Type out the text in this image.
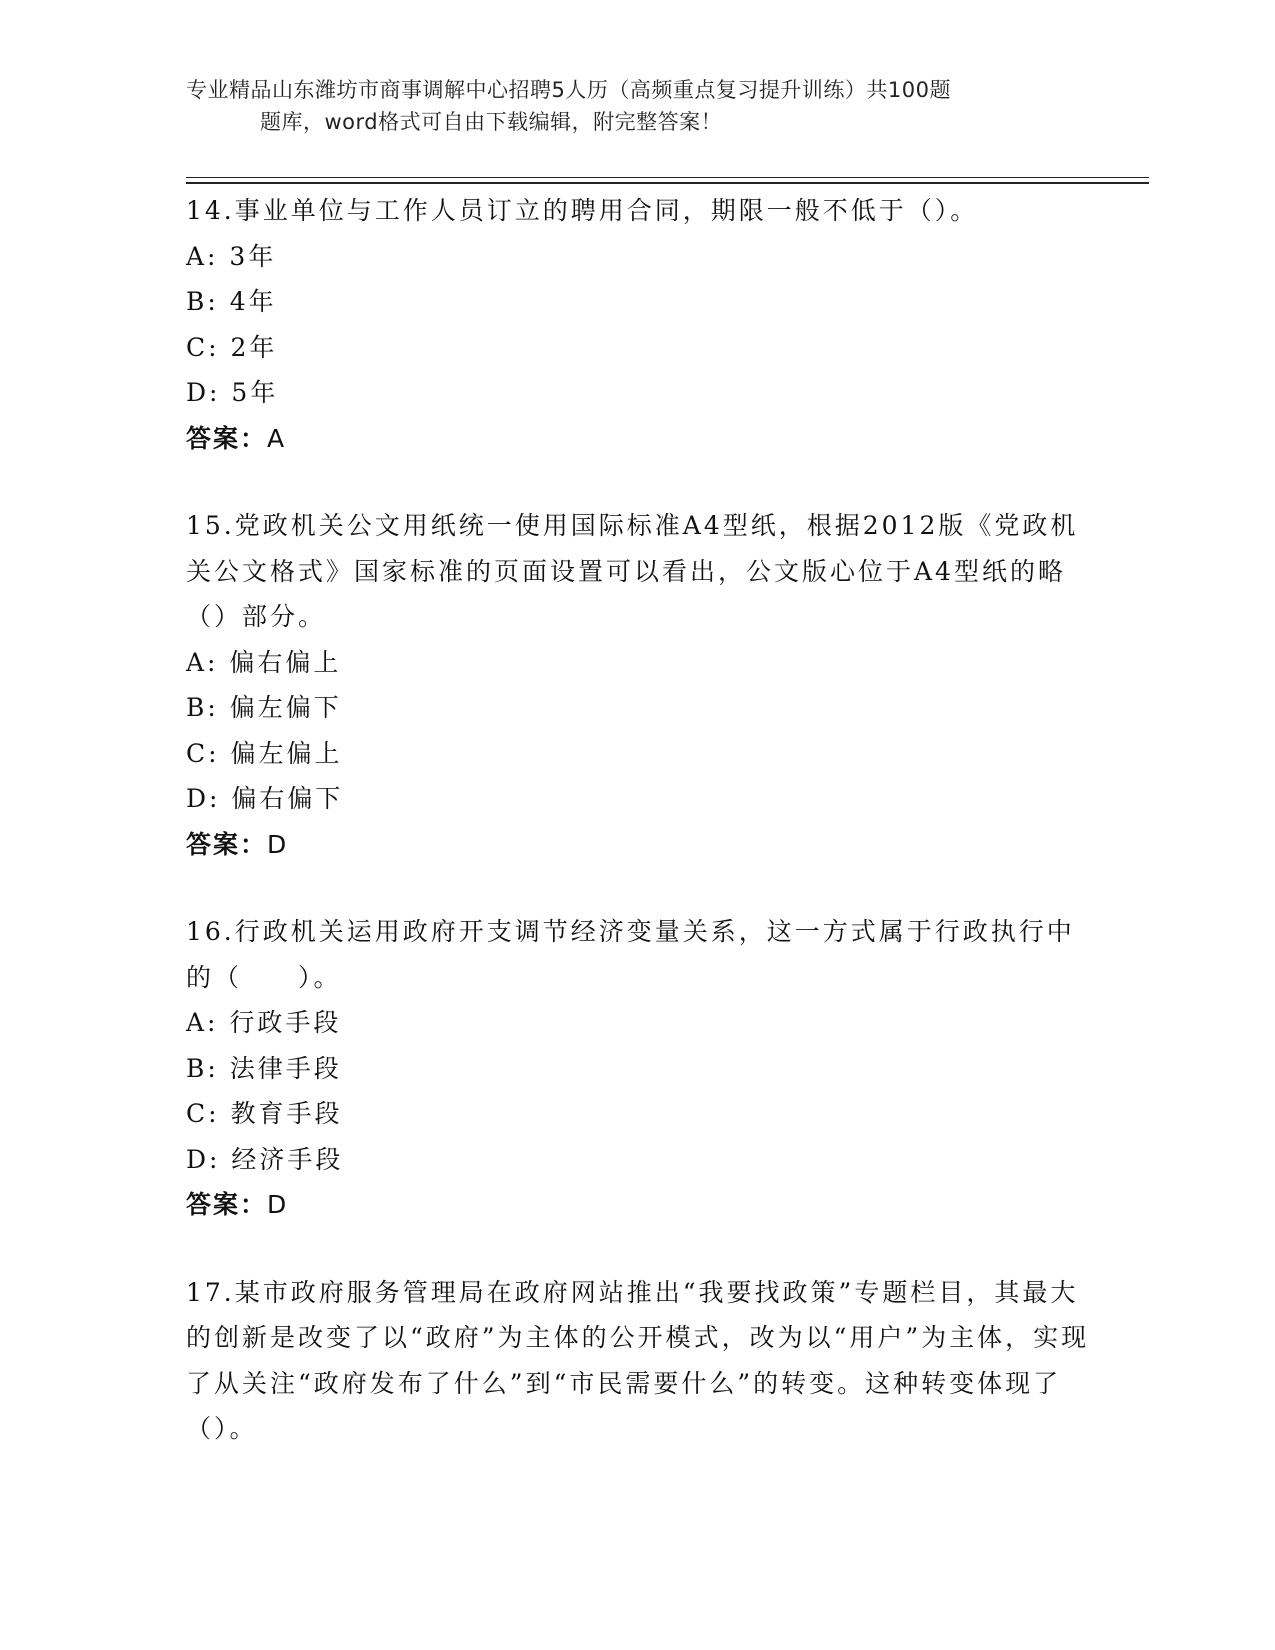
专业精品山东潍坊市商事调解中心招聘5人历（高频重点复习提升训练）共100题
题库，word格式可自由下载编辑，附完整答案！
14.事业单位与工作人员订立的聘用合同，期限一般不低于（）。
A: 3年
B: 4年
C: 2年
D: 5年
答案：A
15.党政机关公文用纸统一使用国际标准A4型纸，根据2012版《党政机关公文格式》国家标准的页面设置可以看出，公文版心位于A4型纸的略（）部分。
A: 偏右偏上
B: 偏左偏下
C: 偏左偏上
D: 偏右偏下
答案：D
16.行政机关运用政府开支调节经济变量关系，这一方式属于行政执行中的（　　）。
A: 行政手段
B: 法律手段
C: 教育手段
D: 经济手段
答案：D
17.某市政府服务管理局在政府网站推出“我要找政策”专题栏目，其最大的创新是改变了以“政府”为主体的公开模式，改为以“用户”为主体，实现了从关注“政府发布了什么”到“市民需要什么”的转变。这种转变体现了（）。
